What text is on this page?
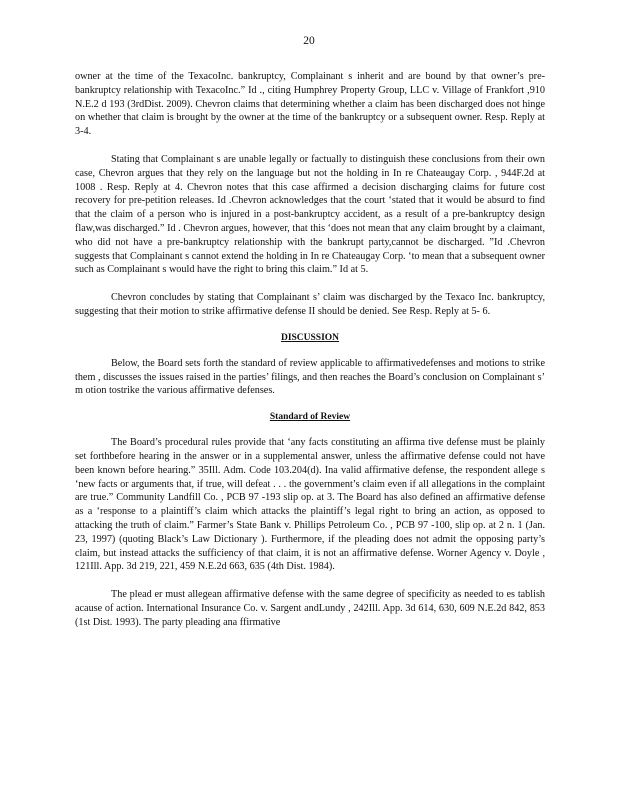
20

owner at the time of the TexacoInc. bankruptcy, Complainant s inherit and are bound by that owner’s pre-bankruptcy relationship with TexacoInc.” Id ., citing Humphrey Property Group, LLC v. Village of Frankfort ,910 N.E.2 d 193 (3rdDist. 2009). Chevron claims that determining whether a claim has been discharged does not hinge on whether that claim is brought by the owner at the time of the bankruptcy or a subsequent owner. Resp. Reply at 3-4.

Stating that Complainant s are unable legally or factually to distinguish these conclusions from their own case, Chevron argues that they rely on the language but not the holding in In re Chateaugay Corp. , 944F.2d at 1008 . Resp. Reply at 4. Chevron notes that this case affirmed a decision discharging claims for future cost recovery for pre-petition releases. Id .Chevron acknowledges that the court ‘stated that it would be absurd to find that the claim of a person who is injured in a post-bankruptcy accident, as a result of a pre-bankruptcy design flaw,was discharged.” Id . Chevron argues, however, that this ‘does not mean that any claim brought by a claimant, who did not have a pre-bankruptcy relationship with the bankrupt party,cannot be discharged. ”Id .Chevron suggests that Complainant s cannot extend the holding in In re Chateaugay Corp. ‘to mean that a subsequent owner such as Complainant s would have the right to bring this claim.” Id at 5.

Chevron concludes by stating that Complainant s’ claim was discharged by the Texaco Inc. bankruptcy, suggesting that their motion to strike affirmative defense II should be denied. See Resp. Reply at 5- 6.

DISCUSSION

Below, the Board sets forth the standard of review applicable to affirmativedefenses and motions to strike them , discusses the issues raised in the parties’ filings, and then reaches the Board’s conclusion on Complainant s’ m otion tostrike the various affirmative defenses.

Standard of Review

The Board’s procedural rules provide that ‘any facts constituting an affirma tive defense must be plainly set forthbefore hearing in the answer or in a supplemental answer, unless the affirmative defense could not have been known before hearing.” 35Ill. Adm. Code 103.204(d). Ina valid affirmative defense, the respondent allege s ‘new facts or arguments that, if true, will defeat . . . the government’s claim even if all allegations in the complaint are true.” Community Landfill Co. , PCB 97 -193 slip op. at 3. The Board has also defined an affirmative defense as a ‘response to a plaintiff’s claim which attacks the plaintiff’s legal right to bring an action, as opposed to attacking the truth of claim.” Farmer’s State Bank v. Phillips Petroleum Co. , PCB 97 -100, slip op. at 2 n. 1 (Jan. 23, 1997) (quoting Black’s Law Dictionary ). Furthermore, if the pleading does not admit the opposing party’s claim, but instead attacks the sufficiency of that claim, it is not an affirmative defense. Worner Agency v. Doyle , 121Ill. App. 3d 219, 221, 459 N.E.2d 663, 635 (4th Dist. 1984).

The plead er must allegean affirmative defense with the same degree of specificity as needed to es tablish acause of action. International Insurance Co. v. Sargent andLundy , 242Ill. App. 3d 614, 630, 609 N.E.2d 842, 853 (1st Dist. 1993). The party pleading ana ffirmative
